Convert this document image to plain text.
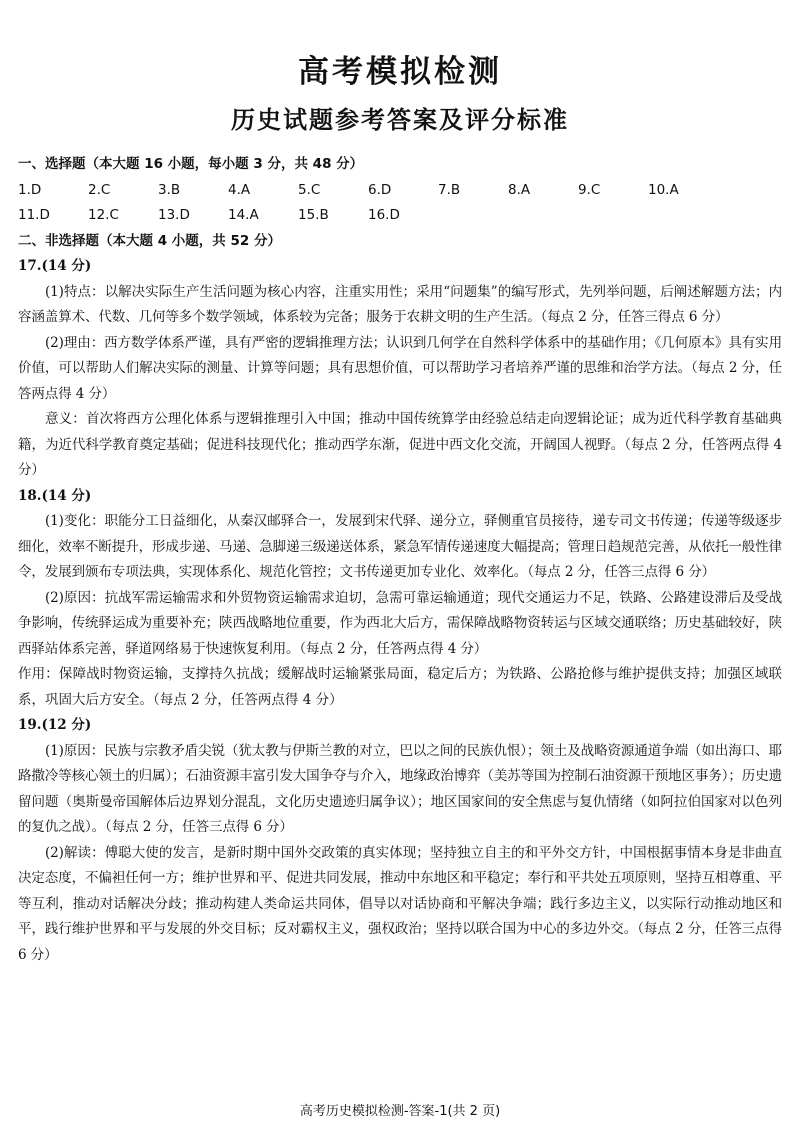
高考模拟检测
历史试题参考答案及评分标准
一、选择题（本大题 16 小题，每小题 3 分，共 48 分）
1.D	2.C	3.B	4.A	5.C	6.D	7.B	8.A	9.C	10.A
11.D	12.C	13.D	14.A	15.B	16.D
二、非选择题（本大题 4 小题，共 52 分）
17.(14 分)

(1)特点：以解决实际生产生活问题为核心内容，注重实用性；采用“问题集”的编写形式，先列举问题，后阐述解题方法；内容涵盖算术、代数、几何等多个数学领域，体系较为完备；服务于农耕文明的生产生活。（每点 2 分，任答三得点 6 分）

(2)理由：西方数学体系严谨，具有严密的逻辑推理方法；认识到几何学在自然科学体系中的基础作用；《几何原本》具有实用价值，可以帮助人们解决实际的测量、计算等问题；具有思想价值，可以帮助学习者培养严谨的思维和治学方法。（每点 2 分，任答两点得 4 分）

意义：首次将西方公理化体系与逻辑推理引入中国；推动中国传统算学由经验总结走向逻辑论证；成为近代科学教育基础典籍，为近代科学教育奠定基础；促进科技现代化；推动西学东渐，促进中西文化交流，开阔国人视野。（每点 2 分，任答两点得 4 分）

18.(14 分)

(1)变化：职能分工日益细化，从秦汉邮驿合一，发展到宋代驿、递分立，驿侧重官员接待，递专司文书传递；传递等级逐步细化，效率不断提升，形成步递、马递、急脚递三级递送体系，紧急军情传递速度大幅提高；管理日趋规范完善，从依托一般性律令，发展到颁布专项法典，实现体系化、规范化管控；文书传递更加专业化、效率化。（每点 2 分，任答三点得 6 分）

(2)原因：抗战军需运输需求和外贸物资运输需求迫切，急需可靠运输通道；现代交通运力不足，铁路、公路建设滞后及受战争影响，传统驿运成为重要补充；陕西战略地位重要，作为西北大后方，需保障战略物资转运与区域交通联络；历史基础较好，陕西驿站体系完善，驿道网络易于快速恢复利用。（每点 2 分，任答两点得 4 分）

作用：保障战时物资运输，支撑持久抗战；缓解战时运输紧张局面，稳定后方；为铁路、公路抢修与维护提供支持；加强区域联系，巩固大后方安全。（每点 2 分，任答两点得 4 分）

19.(12 分)

(1)原因：民族与宗教矛盾尖锐（犹太教与伊斯兰教的对立，巴以之间的民族仇恨）；领土及战略资源通道争端（如出海口、耶路撒冷等核心领土的归属）；石油资源丰富引发大国争夺与介入，地缘政治博弈（美苏等国为控制石油资源干预地区事务）；历史遗留问题（奥斯曼帝国解体后边界划分混乱，文化历史遗迹归属争议）；地区国家间的安全焦虑与复仇情绪（如阿拉伯国家对以色列的复仇之战）。（每点 2 分，任答三点得 6 分）

(2)解读：傅聪大使的发言，是新时期中国外交政策的真实体现；坚持独立自主的和平外交方针，中国根据事情本身是非曲直决定态度，不偏袒任何一方；维护世界和平、促进共同发展，推动中东地区和平稳定；奉行和平共处五项原则，坚持互相尊重、平等互利，推动对话解决分歧；推动构建人类命运共同体，倡导以对话协商和平解决争端；践行多边主义，以实际行动推动地区和平，践行维护世界和平与发展的外交目标；反对霸权主义，强权政治；坚持以联合国为中心的多边外交。（每点 2 分，任答三点得 6 分）

高考历史模拟检测-答案-1(共 2 页)
